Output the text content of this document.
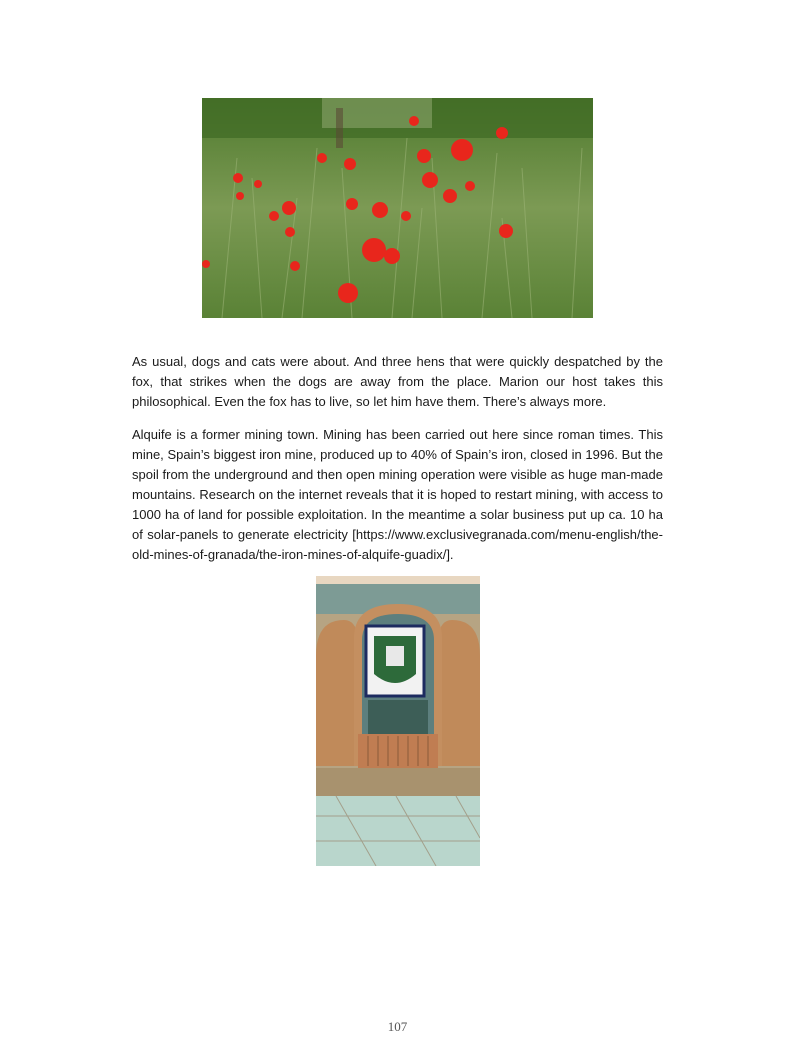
As usual, dogs and cats were about. And three hens that were quickly despatched by the fox, that strikes when the dogs are away from the place. Marion our host takes this philosophical. Even the fox has to live, so let him have them. There’s always more.

Alquife is a former mining town. Mining has been carried out here since roman times. This mine, Spain’s biggest iron mine, produced up to 40% of Spain’s iron, closed in 1996. But the spoil from the underground and then open mining operation were visible as huge man-made mountains. Research on the internet reveals that it is hoped to restart mining, with access to 1000 ha of land for possible exploitation. In the meantime a solar business put up ca. 10 ha of solar-panels to generate electricity [https://www.exclusivegranada.com/menu-english/the-old-mines-of-granada/the-iron-mines-of-alquife-guadix/].

107
